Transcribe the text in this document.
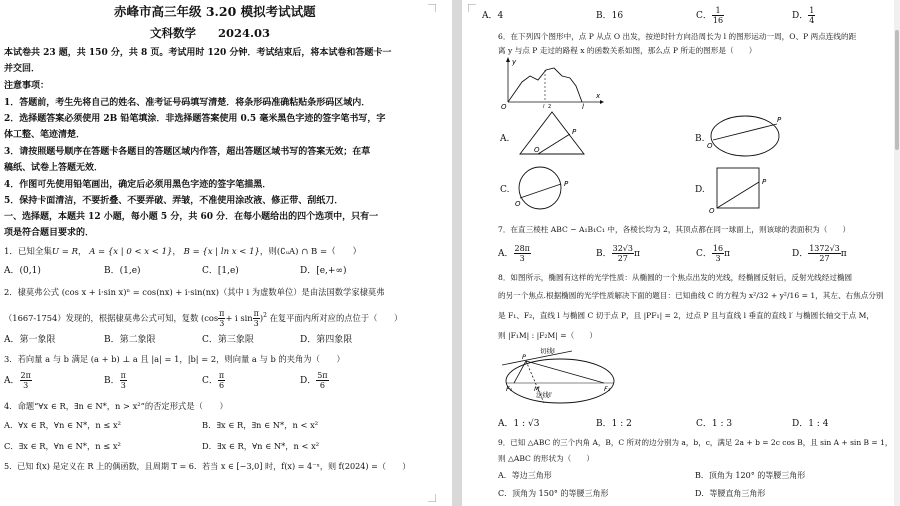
赤峰市高三年级 3.20 模拟考试试题
文科数学 2024.03
本试卷共 23 题，共 150 分，共 8 页。考试用时 120 分钟．考试结束后，将本试卷和答题卡一
并交回．
注意事项：
1．答题前，考生先将自己的姓名、准考证号码填写清楚．将条形码准确粘贴条形码区域内．
2．选择题答案必须使用 2B 铅笔填涂．非选择题答案使用 0.5 毫米黑色字迹的签字笔书写，字
体工整、笔迹清楚．
3．请按照题号顺序在答题卡各题目的答题区域内作答，超出答题区域书写的答案无效；在草
稿纸、试卷上答题无效．
4．作图可先使用铅笔画出，确定后必须用黑色字迹的签字笔描黑．
5．保持卡面清洁，不要折叠、不要弄破、弄皱，不准使用涂改液、修正带、刮纸刀．
一、选择题，本题共 12 小题，每小题 5 分，共 60 分．在每小题给出的四个选项中，只有一
项是符合题目要求的．
1．已知全集U = R， A = {x | 0 < x < 1}， B = {x | ln x < 1}，则(∁ᵤA) ∩ B =（　　）
A．(0,1)	B．(1,e)	C．[1,e)	D．[e,+∞)
2．棣莫弗公式 (cos x + i·sin x)ⁿ = cos(nx) + i·sin(nx)（其中 i 为虚数单位）是由法国数学家棣莫弗
（1667-1754）发现的，根据棣莫弗公式可知，复数 ($\cos \frac{\pi}{3} + i$ $\sin \frac{\pi}{3} )^2$ 在复平面内所对应的点位于（　　）
A．第一象限	B．第二象限	C．第三象限	D．第四象限
3．若向量 a 与 b 满足 (a + b) ⊥ a 且 |a| = 1，|b| = 2，则向量 a 与 b 的夹角为（　　）
A． $\frac{2\pi}{3}$	B． $\frac{\pi}{3}$	C． $\frac{\pi}{6}$	D． $\frac{5\pi}{6}$
4．命题“∀x ∈ R，∃n ∈ N*，n > x²”的否定形式是（　　）
A．∀x ∈ R，∀n ∈ N*，n ≤ x²	B．∃x ∈ R，∃n ∈ N*，n < x²
C．∃x ∈ R，∀n ∈ N*，n ≤ x²	D．∃x ∈ R，∀n ∈ N*，n < x²
5．已知 f(x) 是定义在 R 上的偶函数，且周期 T = 6．若当 x ∈ [−3,0] 时，f(x) = 4⁻ˣ，则 f(2024) =（　　）
A．4	B．16	C． $\frac{1}{16}$	D． $\frac{1}{4}$
6．在下列四个图形中，点 P 从点 O 出发，按逆时针方向沿周长为 l 的图形运动一周，O、P 两点连线的距
离 y 与点 P 走过的路程 x 的函数关系如图，那么点 P 所走的图形是（　　）
y
x
O	l 2	l
A.
O
P
B.
O
P
C.
O
P
D.
O
P
7．在直三棱柱 ABC − A₁B₁C₁ 中，各棱长均为 2，其顶点都在同一球面上，则该球的表面积为（　　）
A． $\frac{28\pi}{3}$	B． $\frac{32√3}{27}$ π	C． $\frac{16}{3}$ π	D． $\frac{1372√3}{27}$ π
8．如图所示，椭圆有这样的光学性质：从椭圆的一个焦点出发的光线，经椭圆反射后，反射光线经过椭圆
的另一个焦点.根据椭圆的光学性质解决下面的题目：已知曲线 C 的方程为 x²/32 + y²/16 = 1，其左、右焦点分别
是 F₁、F₂，直线 l 与椭圆 C 切于点 P，且 |PF₁| = 2，过点 P 且与直线 l 垂直的直线 l′ 与椭圆长轴交于点 M，
则 |F₁M| : |F₂M| =（　　）
切线l
法线l′
P
F₁	F₂
M
A．1 : √3	B．1 : 2	C．1 : 3	D．1 : 4
9．已知 △ABC 的三个内角 A，B，C 所对的边分别为 a，b，c，满足 2a + b = 2c cos B，且 sin A + sin B = 1，
则 △ABC 的形状为（　　）
A．等边三角形	B．顶角为 120° 的等腰三角形
C．顶角为 150° 的等腰三角形	D．等腰直角三角形
